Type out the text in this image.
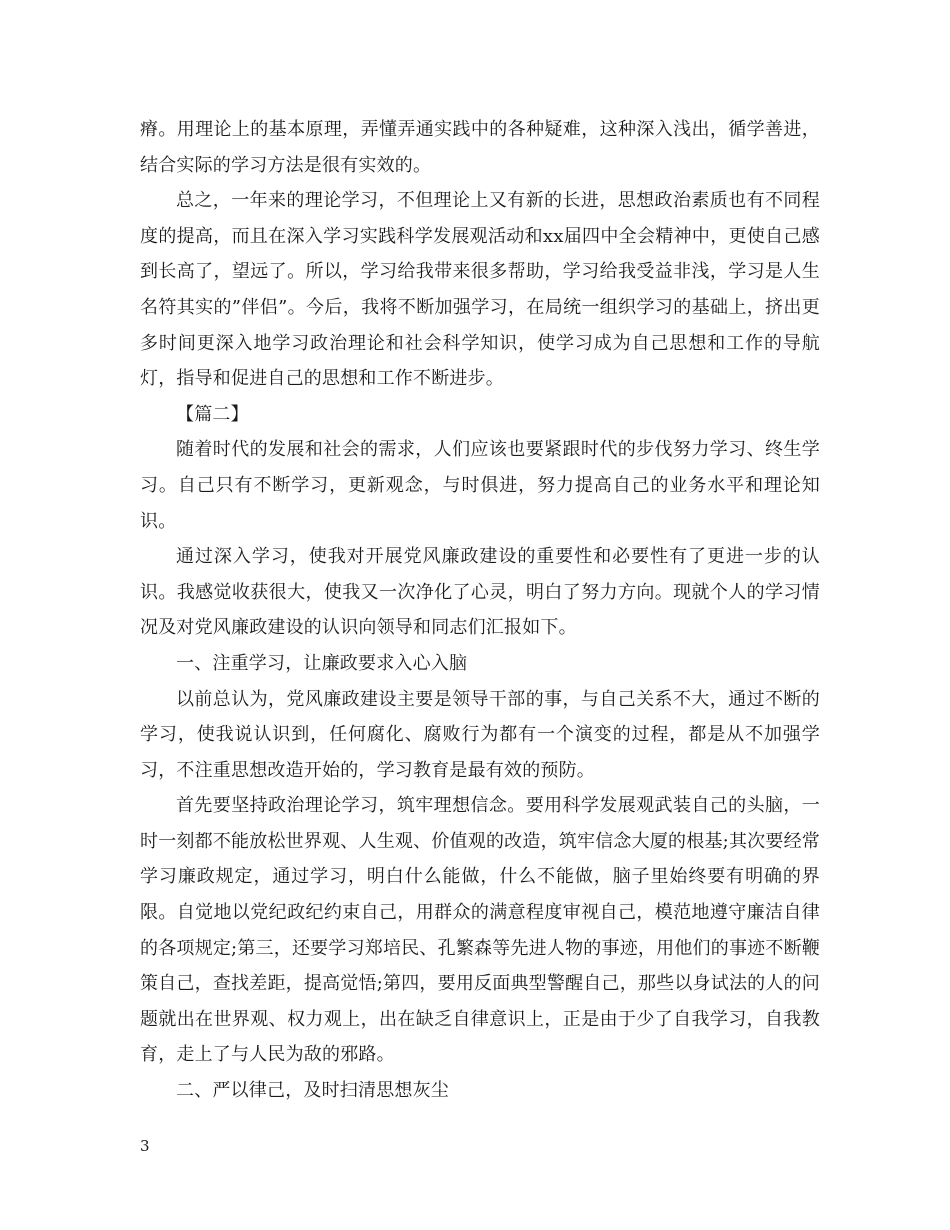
瘠。用理论上的基本原理，弄懂弄通实践中的各种疑难，这种深入浅出，循学善进，结合实际的学习方法是很有实效的。

总之，一年来的理论学习，不但理论上又有新的长进，思想政治素质也有不同程度的提高，而且在深入学习实践科学发展观活动和xx届四中全会精神中，更使自己感到长高了，望远了。所以，学习给我带来很多帮助，学习给我受益非浅，学习是人生名符其实的”伴侣”。今后，我将不断加强学习，在局统一组织学习的基础上，挤出更多时间更深入地学习政治理论和社会科学知识，使学习成为自己思想和工作的导航灯，指导和促进自己的思想和工作不断进步。

【篇二】

随着时代的发展和社会的需求，人们应该也要紧跟时代的步伐努力学习、终生学习。自己只有不断学习，更新观念，与时俱进，努力提高自己的业务水平和理论知识。

通过深入学习，使我对开展党风廉政建设的重要性和必要性有了更进一步的认识。我感觉收获很大，使我又一次净化了心灵，明白了努力方向。现就个人的学习情况及对党风廉政建设的认识向领导和同志们汇报如下。

一、注重学习，让廉政要求入心入脑

以前总认为，党风廉政建设主要是领导干部的事，与自己关系不大，通过不断的学习，使我说认识到，任何腐化、腐败行为都有一个演变的过程，都是从不加强学习，不注重思想改造开始的，学习教育是最有效的预防。

首先要坚持政治理论学习，筑牢理想信念。要用科学发展观武装自己的头脑，一时一刻都不能放松世界观、人生观、价值观的改造，筑牢信念大厦的根基;其次要经常学习廉政规定，通过学习，明白什么能做，什么不能做，脑子里始终要有明确的界限。自觉地以党纪政纪约束自己，用群众的满意程度审视自己，模范地遵守廉洁自律的各项规定;第三，还要学习郑培民、孔繁森等先进人物的事迹，用他们的事迹不断鞭策自己，查找差距，提高觉悟;第四，要用反面典型警醒自己，那些以身试法的人的问题就出在世界观、权力观上，出在缺乏自律意识上，正是由于少了自我学习，自我教育，走上了与人民为敌的邪路。

二、严以律己，及时扫清思想灰尘

3
